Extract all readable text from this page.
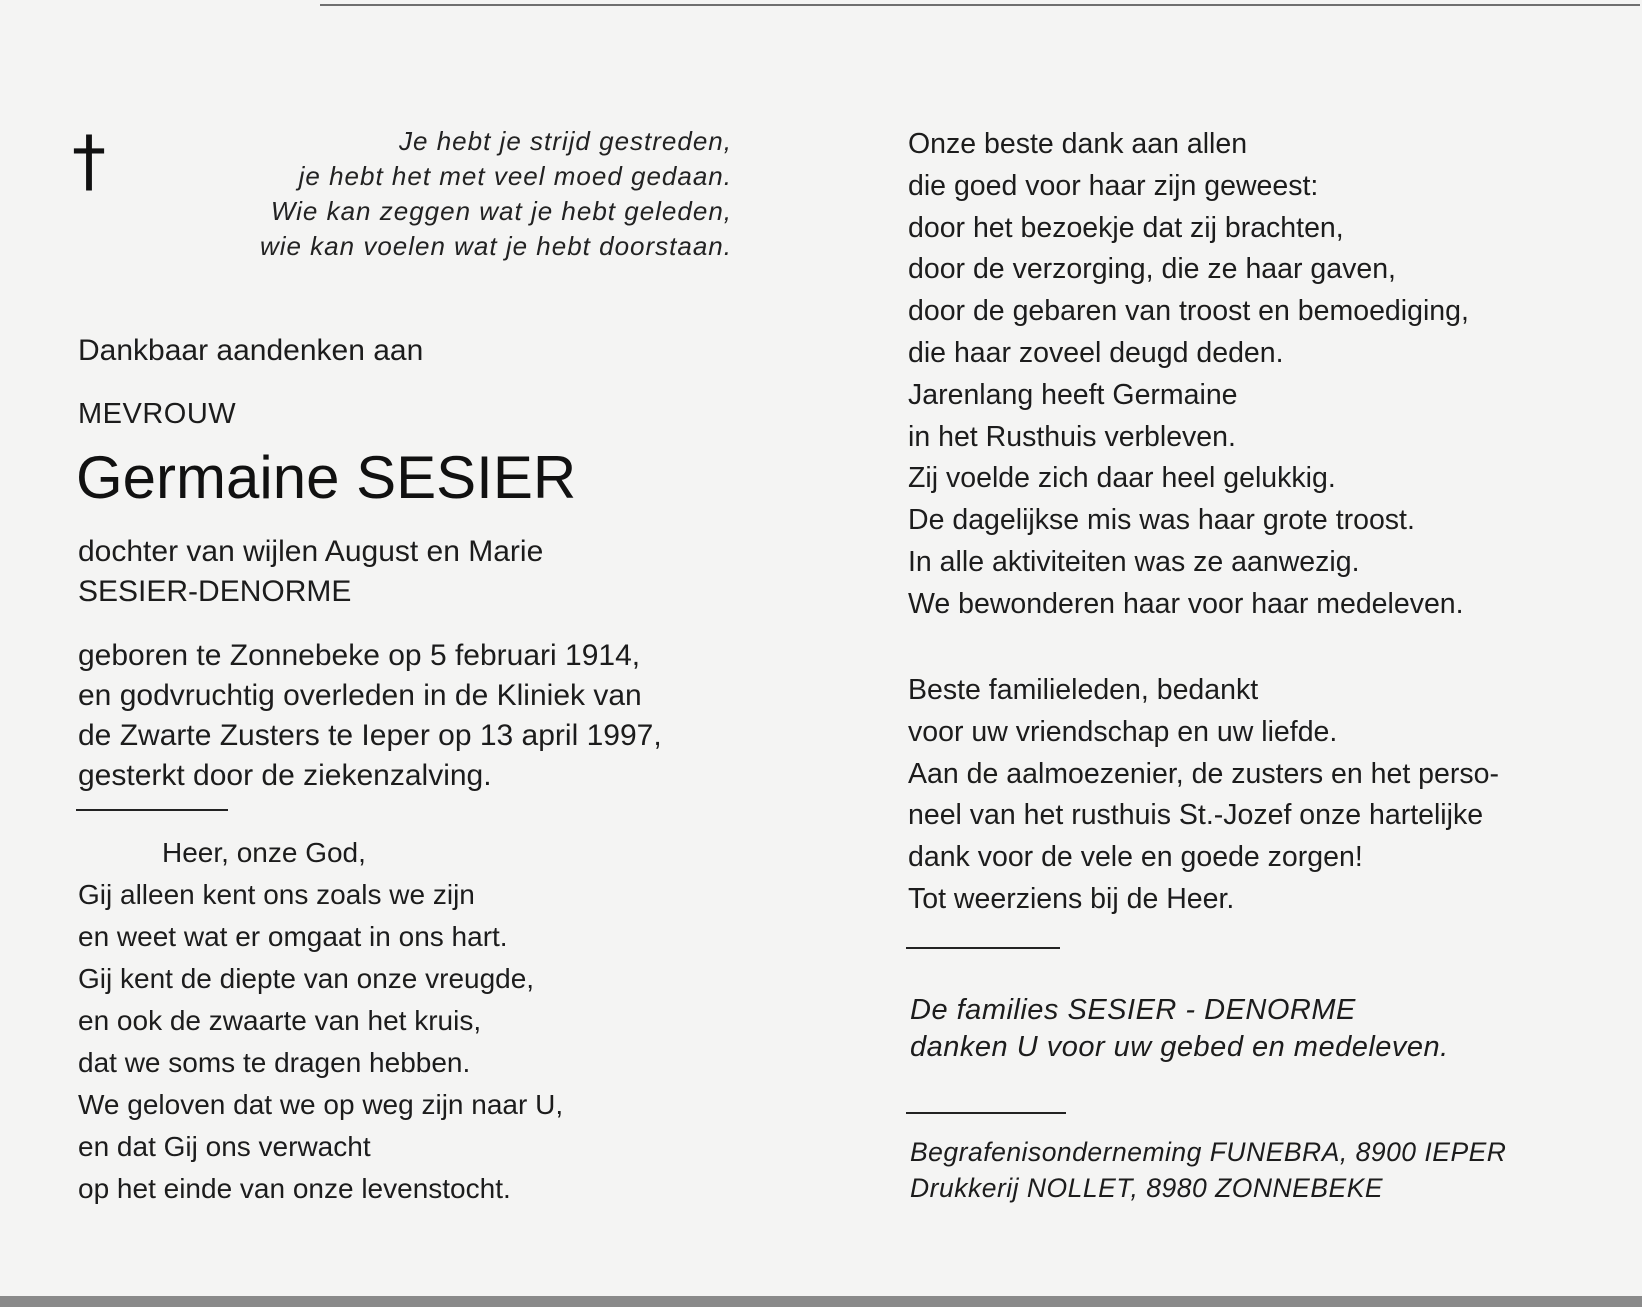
†	Je hebt je strijd gestreden,
je hebt het met veel moed gedaan.
Wie kan zeggen wat je hebt geleden,
wie kan voelen wat je hebt doorstaan.
Dankbaar aandenken aan
MEVROUW
Germaine SESIER
dochter van wijlen August en Marie
SESIER-DENORME
geboren te Zonnebeke op 5 februari 1914,
en godvruchtig overleden in de Kliniek van
de Zwarte Zusters te Ieper op 13 april 1997,
gesterkt door de ziekenzalving.
Heer, onze God,
Gij alleen kent ons zoals we zijn
en weet wat er omgaat in ons hart.
Gij kent de diepte van onze vreugde,
en ook de zwaarte van het kruis,
dat we soms te dragen hebben.
We geloven dat we op weg zijn naar U,
en dat Gij ons verwacht
op het einde van onze levenstocht.
Onze beste dank aan allen
die goed voor haar zijn geweest:
door het bezoekje dat zij brachten,
door de verzorging, die ze haar gaven,
door de gebaren van troost en bemoediging,
die haar zoveel deugd deden.
Jarenlang heeft Germaine
in het Rusthuis verbleven.
Zij voelde zich daar heel gelukkig.
De dagelijkse mis was haar grote troost.
In alle aktiviteiten was ze aanwezig.
We bewonderen haar voor haar medeleven.
Beste familieleden, bedankt
voor uw vriendschap en uw liefde.
Aan de aalmoezenier, de zusters en het perso-
neel van het rusthuis St.-Jozef onze hartelijke
dank voor de vele en goede zorgen!
Tot weerziens bij de Heer.
De families SESIER - DENORME
danken U voor uw gebed en medeleven.
Begrafenisonderneming FUNEBRA, 8900 IEPER
Drukkerij NOLLET, 8980 ZONNEBEKE
